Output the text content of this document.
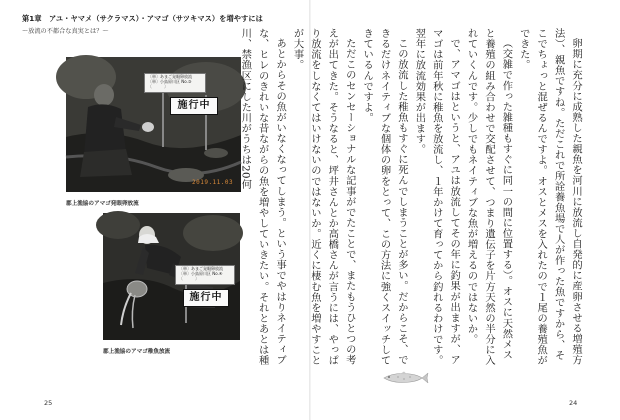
第1章　アユ・ヤマメ（サクラマス）・アマゴ（サツキマス）を増やすには
～放流の不都合な真実とは？～
〔単〕あまご発眼卵放流
〔単〕小鳥原川区 No.③
〔　　　〕
施行中
2019.11.03
郡上漁協のアマゴ発眼卵放流
〔単〕あまご発眼卵放流
〔単〕小鳥原川区 No.④
〔　　　〕
施行中
郡上漁協のアマゴ稚魚放流
25

卵期に充分に成熟した親魚を河川に放流し自発的に産卵させる増殖方法）、親魚ですね。ただこれで所詮養魚場で人が作った魚ですから、そこでちょっと混ぜるんですよ。オスとメスを入れたので１尾の養殖魚ができた。

（交雑で作った雑種もすぐに同一の間に位置する）。オスに天然メスと養殖の組み合わせで交配させて、つまり遺伝子を片方天然の半分に入れていくんです。少しでもネイティブな魚が増えるのではないか。

で、アマゴはというと、アユは放流してその年に釣果が出ますが、アマゴは前年秋に稚魚を放流し、１年かけて育ってから釣れるわけです。翌年に放流効果が出ます。

この放流した稚魚もすぐに死んでしまうことが多い。だからこそ、できるだけネイティブな個体の卵をとって、この方法に強くスイッチしてきているんですよ。

ただこのセンセーショナルな記事がでたことで、またもうひとつの考えが出てきた。そうなると、坪井さんとか高橋さんが言うには、やっぱり放流をしなくてはいけないのではないか。近くに棲む魚を増やすことが大事。

あとからその魚がいなくなってしまう。という事でやはりネイティブな、ヒレのきれいな昔ながらの魚を増やしていきたい。それとあとは種川、禁漁区にした川がうちは20何

24
